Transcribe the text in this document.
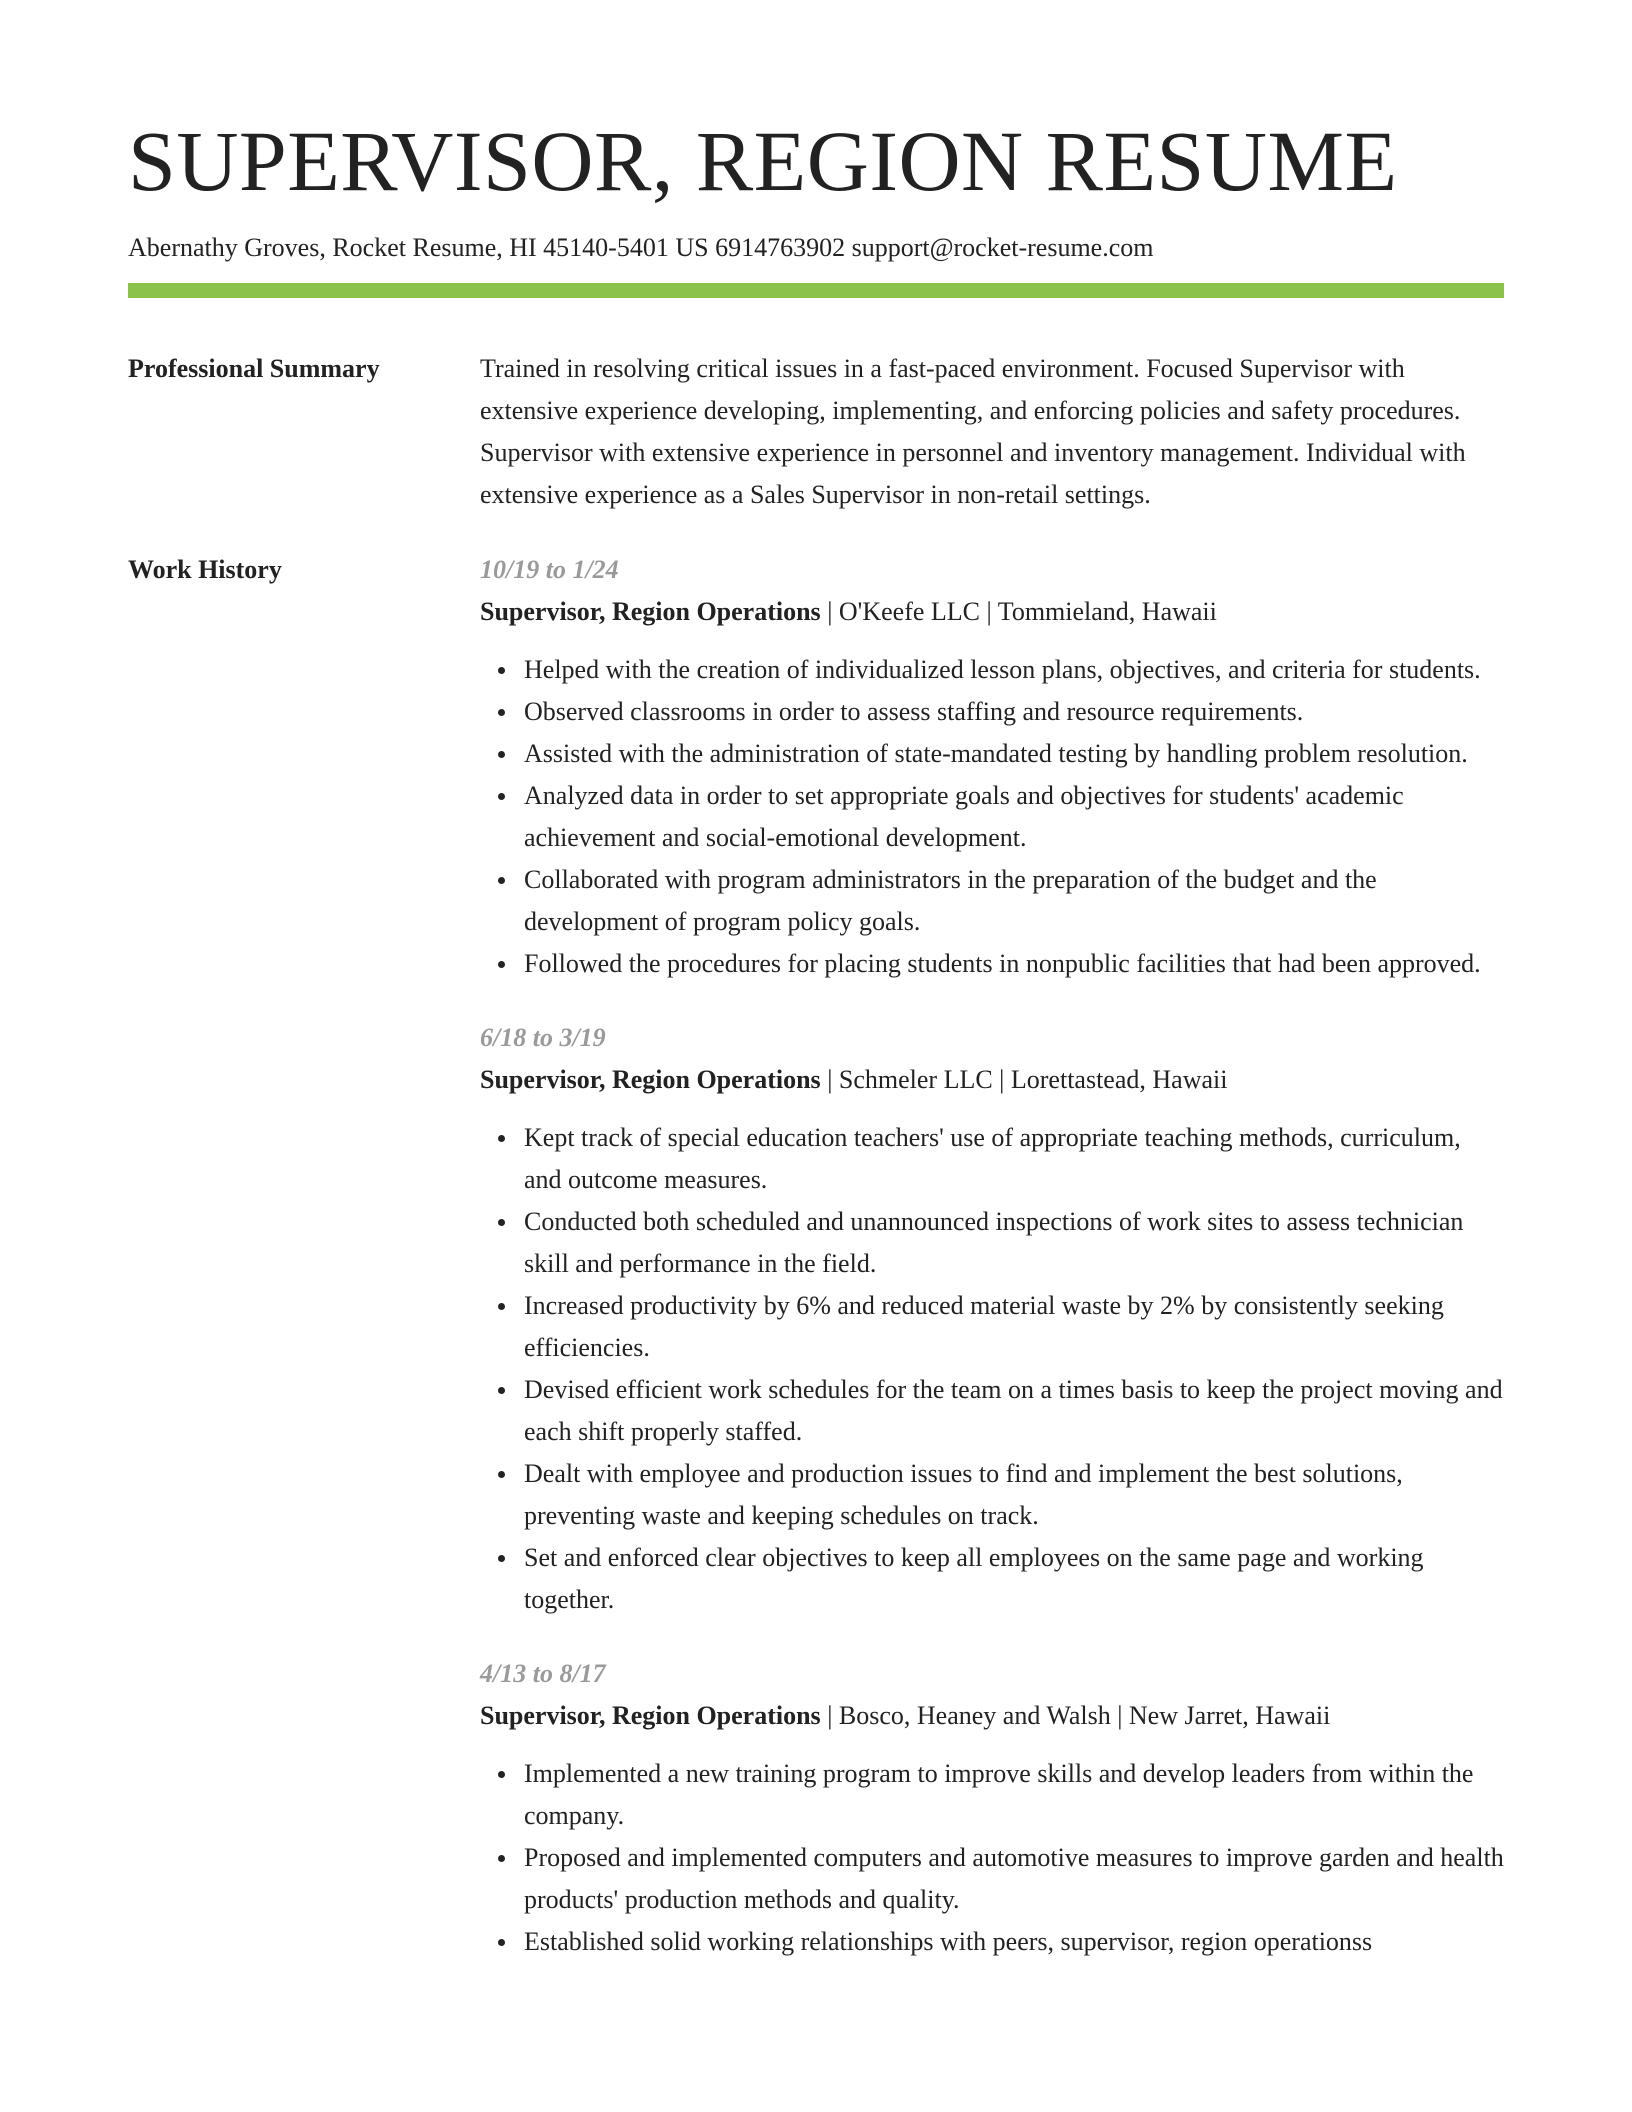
SUPERVISOR, REGION RESUME
Abernathy Groves, Rocket Resume, HI 45140-5401 US 6914763902 support@rocket-resume.com
Professional Summary	Trained in resolving critical issues in a fast-paced environment. Focused Supervisor with extensive experience developing, implementing, and enforcing policies and safety procedures. Supervisor with extensive experience in personnel and inventory management. Individual with extensive experience as a Sales Supervisor in non-retail settings.

Work History	10/19 to 1/24
Supervisor, Region Operations | O'Keefe LLC | Tommieland, Hawaii
Helped with the creation of individualized lesson plans, objectives, and criteria for students.
Observed classrooms in order to assess staffing and resource requirements.
Assisted with the administration of state-mandated testing by handling problem resolution.
Analyzed data in order to set appropriate goals and objectives for students' academic achievement and social-emotional development.
Collaborated with program administrators in the preparation of the budget and the development of program policy goals.
Followed the procedures for placing students in nonpublic facilities that had been approved.
6/18 to 3/19
Supervisor, Region Operations | Schmeler LLC | Lorettastead, Hawaii
Kept track of special education teachers' use of appropriate teaching methods, curriculum, and outcome measures.
Conducted both scheduled and unannounced inspections of work sites to assess technician skill and performance in the field.
Increased productivity by 6% and reduced material waste by 2% by consistently seeking efficiencies.
Devised efficient work schedules for the team on a times basis to keep the project moving and each shift properly staffed.
Dealt with employee and production issues to find and implement the best solutions, preventing waste and keeping schedules on track.
Set and enforced clear objectives to keep all employees on the same page and working together.
4/13 to 8/17
Supervisor, Region Operations | Bosco, Heaney and Walsh | New Jarret, Hawaii
Implemented a new training program to improve skills and develop leaders from within the company.
Proposed and implemented computers and automotive measures to improve garden and health products' production methods and quality.
Established solid working relationships with peers, supervisor, region operationss
